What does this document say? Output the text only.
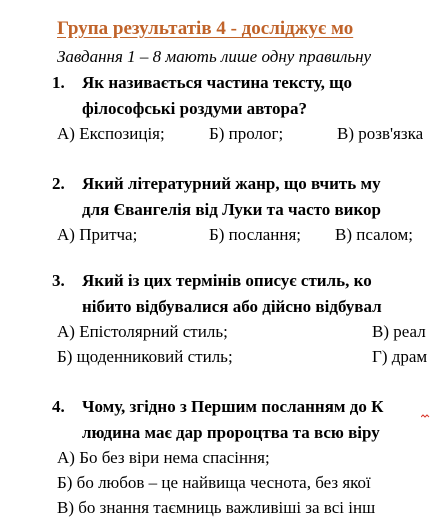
Група результатів 4 - досліджує мо
Завдання 1 – 8 мають лише одну правильну
1. Як називається частина тексту, що
філософські роздуми автора?
А) Експозиція;	Б) пролог;	В) розв'язка
2. Який літературний жанр, що вчить му
для Євангелія від Луки та часто викор
А) Притча;	Б) послання; В) псалом;
3. Який із цих термінів описує стиль, ко
нібито відбувалися або дійсно відбувал
А) Епістолярний стиль;	В) реал
Б) щоденниковий стиль;	Г) драм
4. Чому, згідно з Першим посланням до К
людина має дар пророцтва та всю віру
А) Бо без віри нема спасіння;
Б) бо любов – це найвища чеснота, без якої
В) бо знання таємниць важливіші за всі інш
